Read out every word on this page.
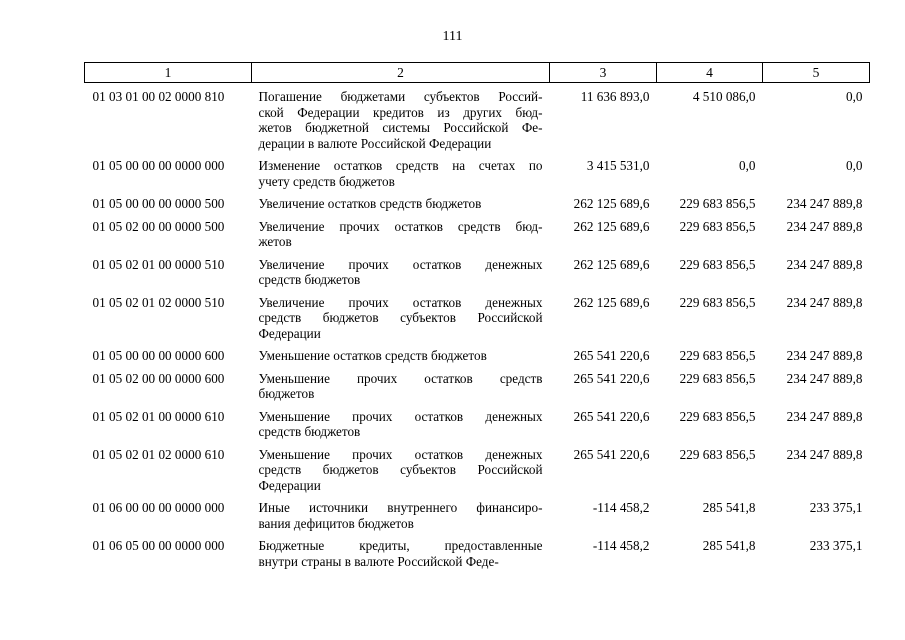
111
1	2	3	4	5
01 03 01 00 02 0000 810	Погашение бюджетами субъектов Россий-
ской Федерации кредитов из других бюд-
жетов бюджетной системы Российской Фе-
дерации в валюте Российской Федерации	11 636 893,0	4 510 086,0	0,0
01 05 00 00 00 0000 000	Изменение остатков средств на счетах по
учету средств бюджетов	3 415 531,0	0,0	0,0
01 05 00 00 00 0000 500	Увеличение остатков средств бюджетов	262 125 689,6	229 683 856,5	234 247 889,8
01 05 02 00 00 0000 500	Увеличение прочих остатков средств бюд-
жетов	262 125 689,6	229 683 856,5	234 247 889,8
01 05 02 01 00 0000 510	Увеличение прочих остатков денежных
средств бюджетов	262 125 689,6	229 683 856,5	234 247 889,8
01 05 02 01 02 0000 510	Увеличение прочих остатков денежных
средств бюджетов субъектов Российской
Федерации	262 125 689,6	229 683 856,5	234 247 889,8
01 05 00 00 00 0000 600	Уменьшение остатков средств бюджетов	265 541 220,6	229 683 856,5	234 247 889,8
01 05 02 00 00 0000 600	Уменьшение прочих остатков средств
бюджетов	265 541 220,6	229 683 856,5	234 247 889,8
01 05 02 01 00 0000 610	Уменьшение прочих остатков денежных
средств бюджетов	265 541 220,6	229 683 856,5	234 247 889,8
01 05 02 01 02 0000 610	Уменьшение прочих остатков денежных
средств бюджетов субъектов Российской
Федерации	265 541 220,6	229 683 856,5	234 247 889,8
01 06 00 00 00 0000 000	Иные источники внутреннего финансиро-
вания дефицитов бюджетов	-114 458,2	285 541,8	233 375,1
01 06 05 00 00 0000 000	Бюджетные кредиты, предоставленные
внутри страны в валюте Российской Феде-	-114 458,2	285 541,8	233 375,1
